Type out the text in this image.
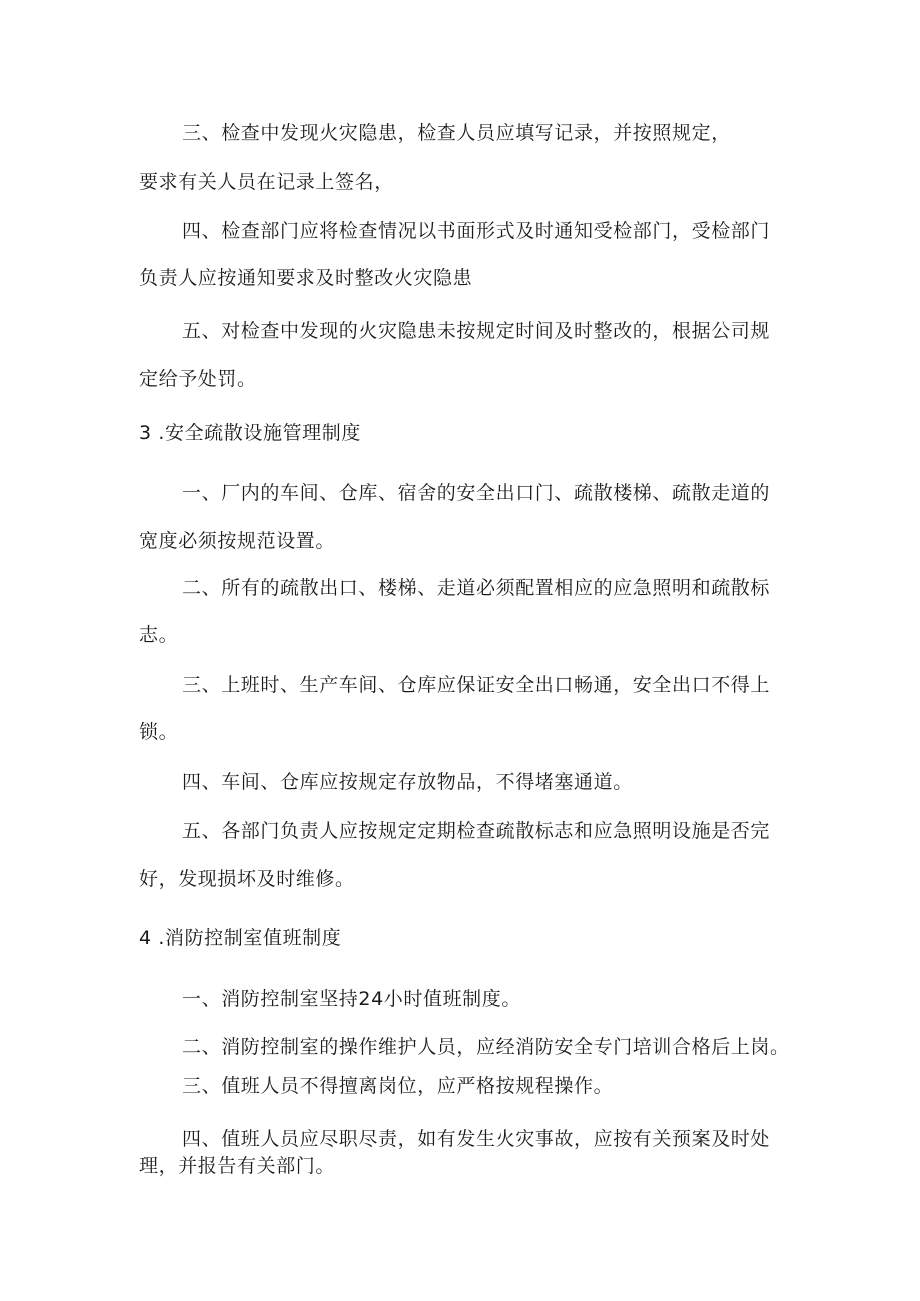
三、检查中发现火灾隐患，检查人员应填写记录，并按照规定，
要求有关人员在记录上签名，
四、检查部门应将检查情况以书面形式及时通知受检部门，受检部门
负责人应按通知要求及时整改火灾隐患
五、对检查中发现的火灾隐患未按规定时间及时整改的，根据公司规
定给予处罚。
3 .安全疏散设施管理制度
一、厂内的车间、仓库、宿舍的安全出口门、疏散楼梯、疏散走道的
宽度必须按规范设置。
二、所有的疏散出口、楼梯、走道必须配置相应的应急照明和疏散标
志。
三、上班时、生产车间、仓库应保证安全出口畅通，安全出口不得上
锁。
四、车间、仓库应按规定存放物品，不得堵塞通道。
五、各部门负责人应按规定定期检查疏散标志和应急照明设施是否完
好，发现损坏及时维修。
4 .消防控制室值班制度
一、消防控制室坚持24小时值班制度。
二、消防控制室的操作维护人员，应经消防安全专门培训合格后上岗。
三、值班人员不得擅离岗位，应严格按规程操作。
四、值班人员应尽职尽责，如有发生火灾事故，应按有关预案及时处
理，并报告有关部门。
